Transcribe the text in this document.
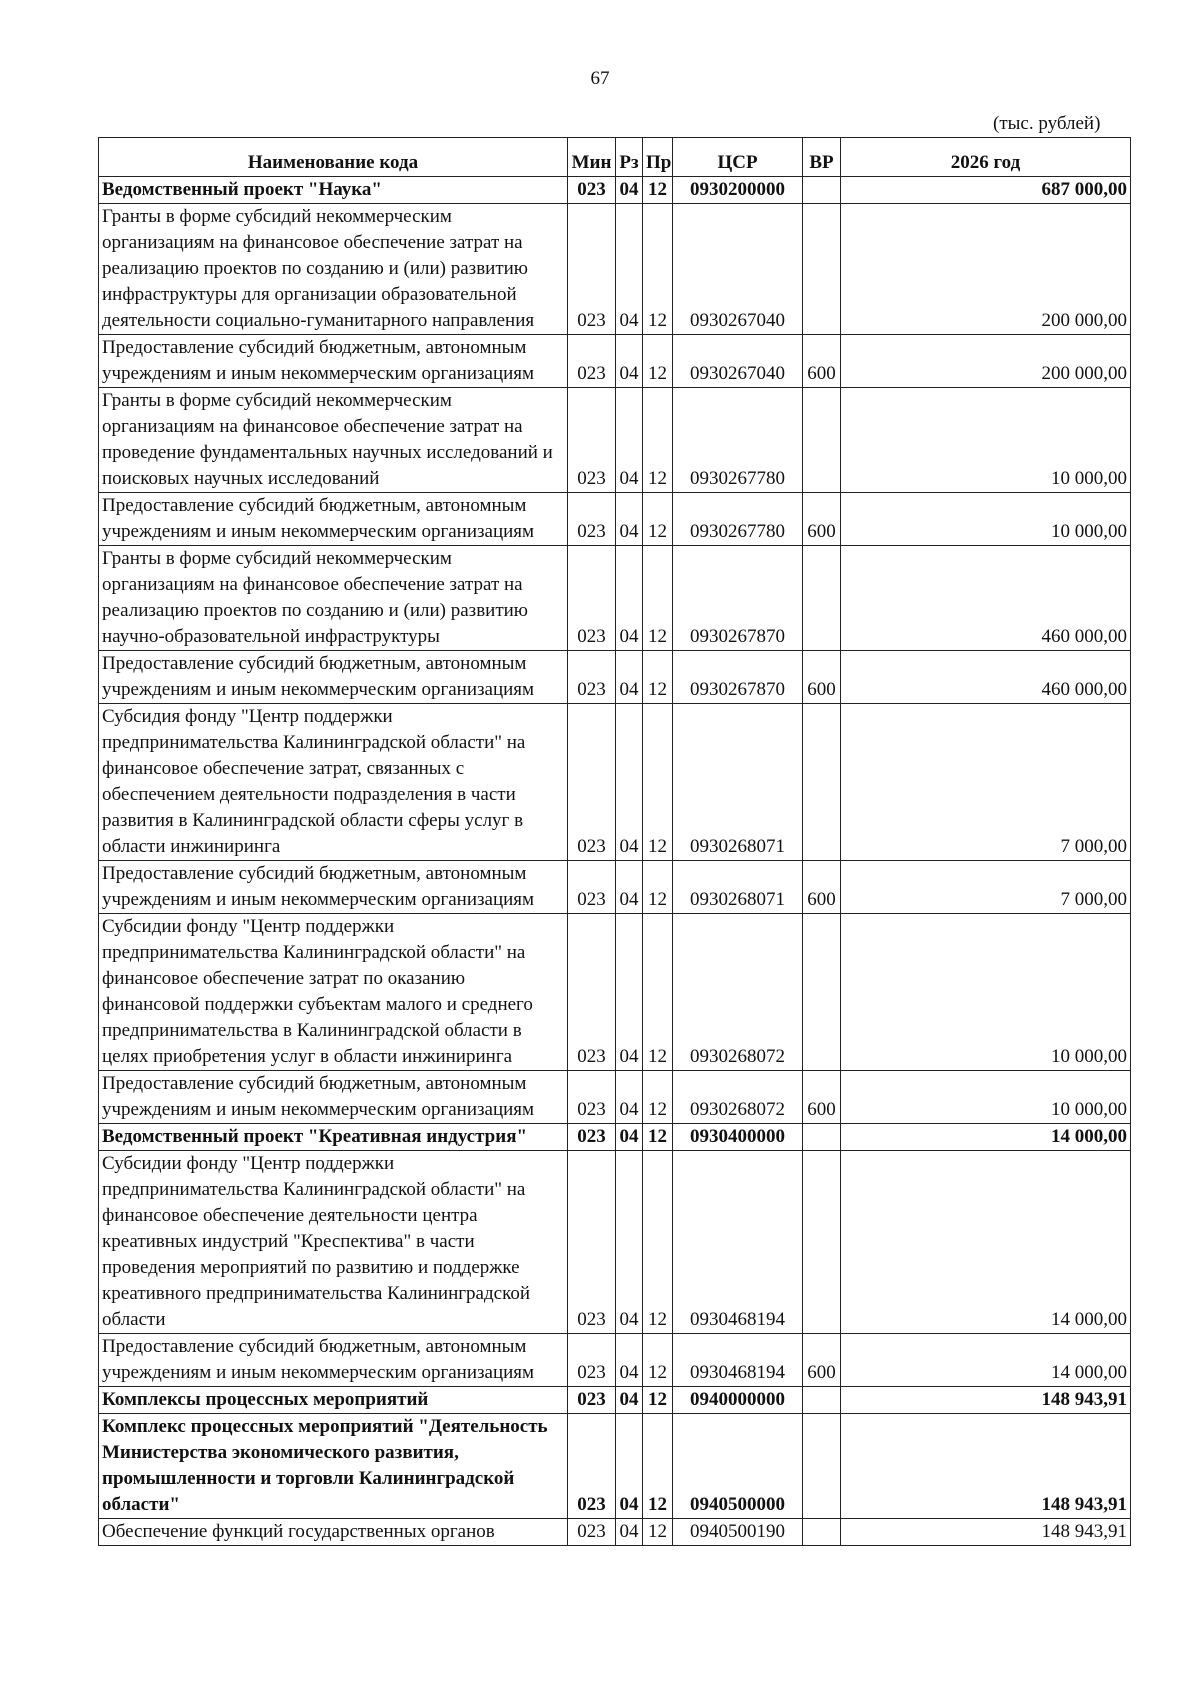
67
(тыс. рублей)
Наименование кода	Мин	Рз	Пр	ЦСР	ВР	2026 год
Ведомственный проект "Наука"	023	04	12	0930200000		687 000,00
Гранты в форме субсидий некоммерческим организациям на финансовое обеспечение затрат на реализацию проектов по созданию и (или) развитию инфраструктуры для организации образовательной деятельности социально-гуманитарного направления	023	04	12	0930267040		200 000,00
Предоставление субсидий бюджетным, автономным учреждениям и иным некоммерческим организациям	023	04	12	0930267040	600	200 000,00
Гранты в форме субсидий некоммерческим организациям на финансовое обеспечение затрат на проведение фундаментальных научных исследований и поисковых научных исследований	023	04	12	0930267780		10 000,00
Предоставление субсидий бюджетным, автономным учреждениям и иным некоммерческим организациям	023	04	12	0930267780	600	10 000,00
Гранты в форме субсидий некоммерческим организациям на финансовое обеспечение затрат на реализацию проектов по созданию и (или) развитию научно-образовательной инфраструктуры	023	04	12	0930267870		460 000,00
Предоставление субсидий бюджетным, автономным учреждениям и иным некоммерческим организациям	023	04	12	0930267870	600	460 000,00
Субсидия фонду "Центр поддержки предпринимательства Калининградской области" на финансовое обеспечение затрат, связанных с обеспечением деятельности подразделения в части развития в Калининградской области сферы услуг в области инжиниринга	023	04	12	0930268071		7 000,00
Предоставление субсидий бюджетным, автономным учреждениям и иным некоммерческим организациям	023	04	12	0930268071	600	7 000,00
Субсидии фонду "Центр поддержки предпринимательства Калининградской области" на финансовое обеспечение затрат по оказанию финансовой поддержки субъектам малого и среднего предпринимательства в Калининградской области в целях приобретения услуг в области инжиниринга	023	04	12	0930268072		10 000,00
Предоставление субсидий бюджетным, автономным учреждениям и иным некоммерческим организациям	023	04	12	0930268072	600	10 000,00
Ведомственный проект "Креативная индустрия"	023	04	12	0930400000		14 000,00
Субсидии фонду "Центр поддержки предпринимательства Калининградской области" на финансовое обеспечение деятельности центра креативных индустрий "Креспектива" в части проведения мероприятий по развитию и поддержке креативного предпринимательства Калининградской области	023	04	12	0930468194		14 000,00
Предоставление субсидий бюджетным, автономным учреждениям и иным некоммерческим организациям	023	04	12	0930468194	600	14 000,00
Комплексы процессных мероприятий	023	04	12	0940000000		148 943,91
Комплекс процессных мероприятий "Деятельность Министерства экономического развития, промышленности и торговли Калининградской области"	023	04	12	0940500000		148 943,91
Обеспечение функций государственных органов	023	04	12	0940500190		148 943,91
